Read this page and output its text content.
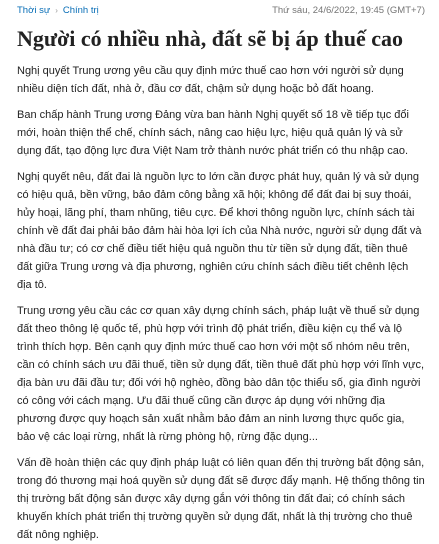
Thời sự › Chính trị	Thứ sáu, 24/6/2022, 19:45 (GMT+7)
Người có nhiều nhà, đất sẽ bị áp thuế cao

Nghị quyết Trung ương yêu cầu quy định mức thuế cao hơn với người sử dụng nhiều diện tích đất, nhà ở, đầu cơ đất, chậm sử dụng hoặc bỏ đất hoang.

Ban chấp hành Trung ương Đảng vừa ban hành Nghị quyết số 18 về tiếp tục đổi mới, hoàn thiện thể chế, chính sách, nâng cao hiệu lực, hiệu quả quản lý và sử dụng đất, tạo động lực đưa Việt Nam trở thành nước phát triển có thu nhập cao.

Nghị quyết nêu, đất đai là nguồn lực to lớn cần được phát huy, quản lý và sử dụng có hiệu quả, bền vững, bảo đảm công bằng xã hội; không để đất đai bị suy thoái, hủy hoại, lãng phí, tham nhũng, tiêu cực. Để khơi thông nguồn lực, chính sách tài chính về đất đai phải bảo đảm hài hòa lợi ích của Nhà nước, người sử dụng đất và nhà đầu tư; có cơ chế điều tiết hiệu quả nguồn thu từ tiền sử dụng đất, tiền thuê đất giữa Trung ương và địa phương, nghiên cứu chính sách điều tiết chênh lệch địa tô.

Trung ương yêu cầu các cơ quan xây dựng chính sách, pháp luật về thuế sử dụng đất theo thông lệ quốc tế, phù hợp với trình độ phát triển, điều kiện cụ thể và lộ trình thích hợp. Bên cạnh quy định mức thuế cao hơn với một số nhóm nêu trên, cần có chính sách ưu đãi thuế, tiền sử dụng đất, tiền thuê đất phù hợp với lĩnh vực, địa bàn ưu đãi đầu tư; đối với hộ nghèo, đồng bào dân tộc thiểu số, gia đình người có công với cách mạng. Ưu đãi thuế cũng cần được áp dụng với những địa phương được quy hoạch sản xuất nhằm bảo đảm an ninh lương thực quốc gia, bảo vệ các loại rừng, nhất là rừng phòng hộ, rừng đặc dụng...

Vấn đề hoàn thiện các quy định pháp luật có liên quan đến thị trường bất động sản, trong đó thương mại hoá quyền sử dụng đất sẽ được đẩy mạnh. Hệ thống thông tin thị trường bất động sản được xây dựng gắn với thông tin đất đai; có chính sách khuyến khích phát triển thị trường quyền sử dụng đất, nhất là thị trường cho thuê đất nông nghiệp.
